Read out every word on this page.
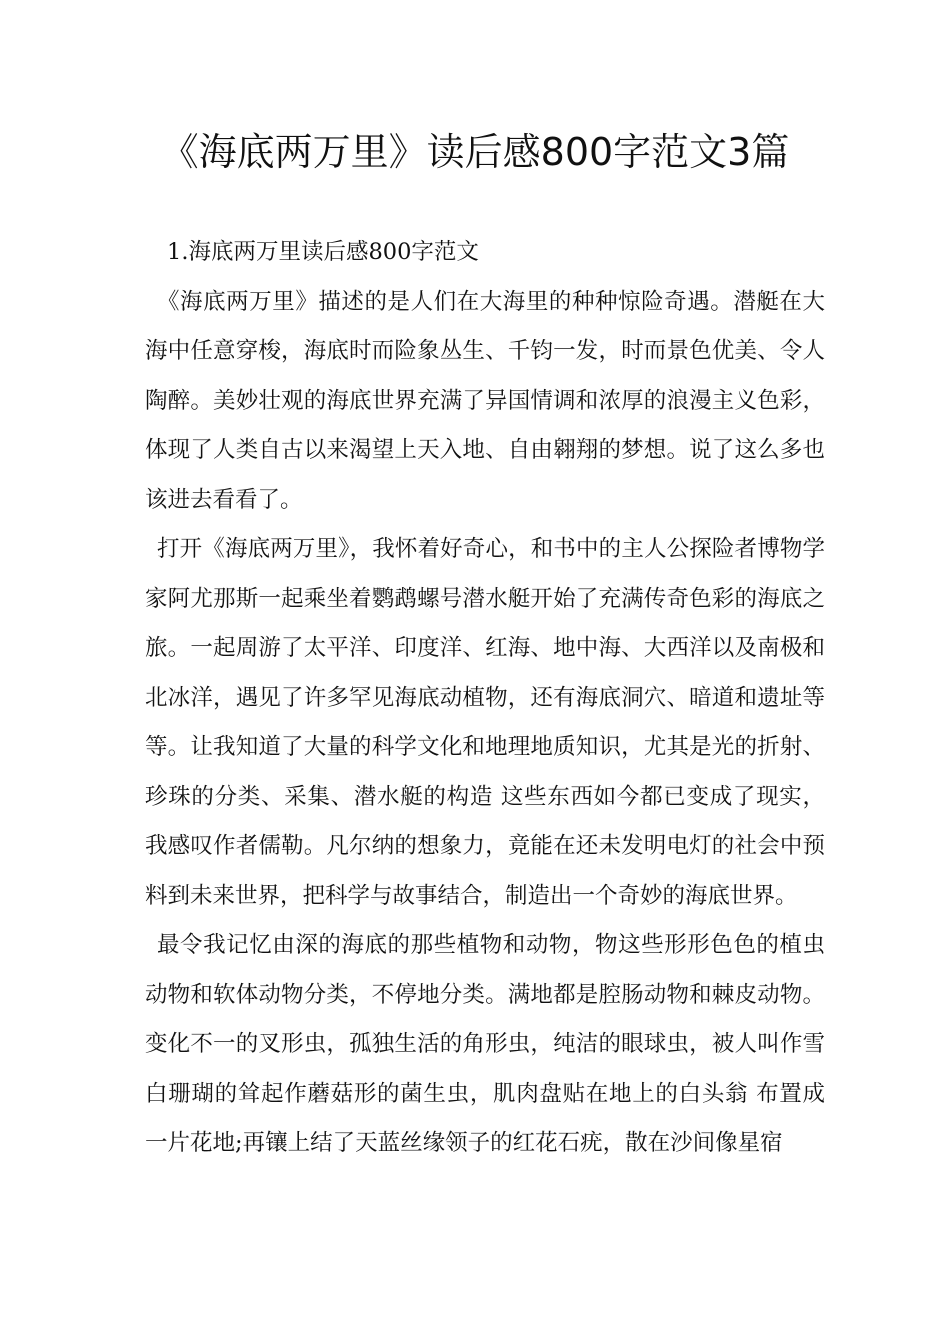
《海底两万里》读后感800字范文3篇

1.海底两万里读后感800字范文

《海底两万里》描述的是人们在大海里的种种惊险奇遇。潜艇在大海中任意穿梭，海底时而险象丛生、千钧一发，时而景色优美、令人陶醉。美妙壮观的海底世界充满了异国情调和浓厚的浪漫主义色彩，体现了人类自古以来渴望上天入地、自由翱翔的梦想。说了这么多也该进去看看了。

打开《海底两万里》，我怀着好奇心，和书中的主人公探险者博物学家阿尤那斯一起乘坐着鹦鹉螺号潜水艇开始了充满传奇色彩的海底之旅。一起周游了太平洋、印度洋、红海、地中海、大西洋以及南极和北冰洋，遇见了许多罕见海底动植物，还有海底洞穴、暗道和遗址等等。让我知道了大量的科学文化和地理地质知识，尤其是光的折射、珍珠的分类、采集、潜水艇的构造 这些东西如今都已变成了现实，我感叹作者儒勒。凡尔纳的想象力，竟能在还未发明电灯的社会中预料到未来世界，把科学与故事结合，制造出一个奇妙的海底世界。

最令我记忆由深的海底的那些植物和动物，物这些形形色色的植虫动物和软体动物分类，不停地分类。满地都是腔肠动物和棘皮动物。变化不一的叉形虫，孤独生活的角形虫，纯洁的眼球虫，被人叫作雪白珊瑚的耸起作蘑菇形的菌生虫，肌肉盘贴在地上的白头翁 布置成一片花地;再镶上结了天蓝丝缘领子的红花石疣，散在沙间像星宿
